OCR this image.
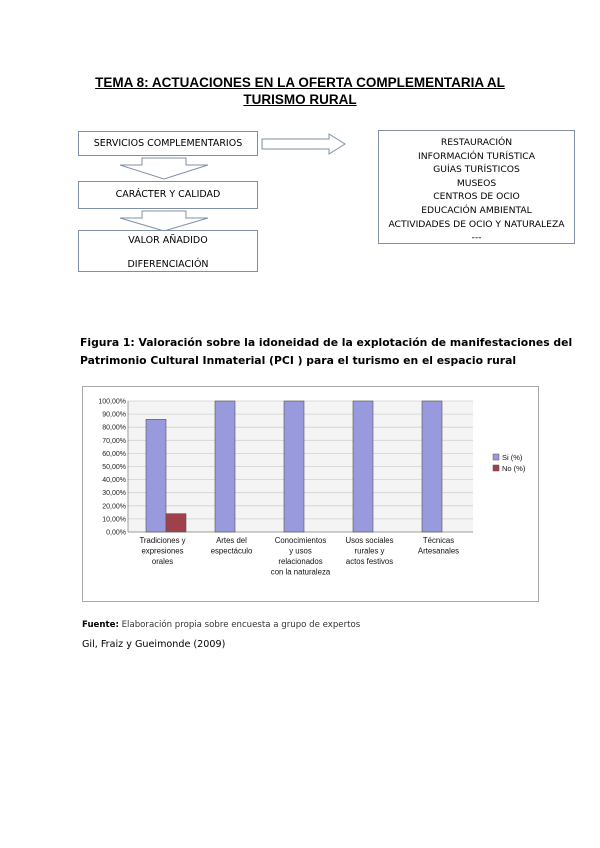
TEMA 8: ACTUACIONES EN LA OFERTA COMPLEMENTARIA AL
TURISMO RURAL
SERVICIOS COMPLEMENTARIOS
CARÁCTER Y CALIDAD
VALOR AÑADIDO
DIFERENCIACIÓN
RESTAURACIÓN
INFORMACIÓN TURÍSTICA
GUÍAS TURÍSTICOS
MUSEOS
CENTROS DE OCIO
EDUCACIÓN AMBIENTAL
ACTIVIDADES DE OCIO Y NATURALEZA
---
Figura 1: Valoración sobre la idoneidad de la explotación de manifestaciones del
Patrimonio Cultural Inmaterial (PCI ) para el turismo en el espacio rural
0,00%
10,00%
20,00%
30,00%
40,00%
50,00%
60,00%
70,00%
80,00%
90,00%
100,00%
Tradiciones y
expresiones
orales
Artes del
espectáculo
Conocimientos
y usos
relacionados
con la naturaleza
Usos sociales
rurales y
actos festivos
Técnicas
Artesanales
Si (%)
No (%)
Fuente: Elaboración propia sobre encuesta a grupo de expertos
Gil, Fraiz y Gueimonde (2009)
